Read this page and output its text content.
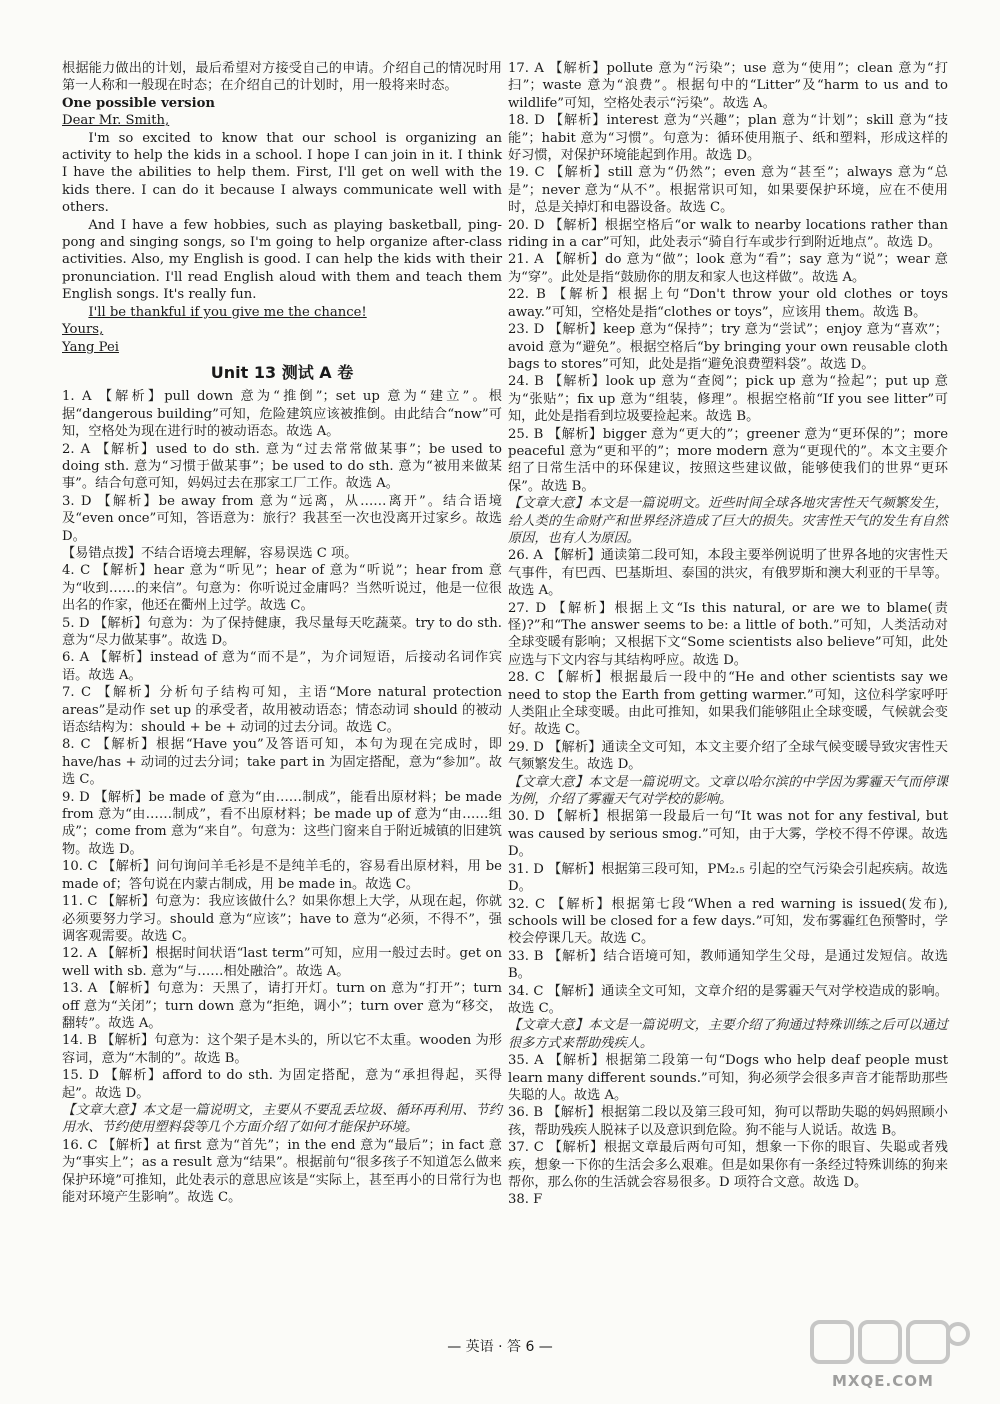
根据能力做出的计划，最后希望对方接受自己的申请。介绍自己的情况时用第一人称和一般现在时态；在介绍自己的计划时，用一般将来时态。

One possible version

Dear Mr. Smith,

I'm so excited to know that our school is organizing an activity to help the kids in a school. I hope I can join in it. I think I have the abilities to help them. First, I'll get on well with the kids there. I can do it because I always communicate well with others.

And I have a few hobbies, such as playing basketball, ping-pong and singing songs, so I'm going to help organize after-class activities. Also, my English is good. I can help the kids with their pronunciation. I'll read English aloud with them and teach them English songs. It's really fun.

I'll be thankful if you give me the chance!

Yours,

Yang Pei

Unit 13 测试 A 卷

1. A 【解析】pull down 意为“推倒”；set up 意为“建立”。根据“dangerous building”可知，危险建筑应该被推倒。由此结合“now”可知，空格处为现在进行时的被动语态。故选 A。

2. A 【解析】used to do sth. 意为“过去常常做某事”；be used to doing sth. 意为“习惯于做某事”；be used to do sth. 意为“被用来做某事”。结合句意可知，妈妈过去在那家工厂工作。故选 A。

3. D 【解析】be away from 意为“远离，从……离开”。结合语境及“even once”可知，答语意为：旅行？我甚至一次也没离开过家乡。故选 D。

【易错点拨】不结合语境去理解，容易误选 C 项。

4. C 【解析】hear 意为“听见”；hear of 意为“听说”；hear from 意为“收到……的来信”。句意为：你听说过金庸吗？当然听说过，他是一位很出名的作家，他还在衢州上过学。故选 C。

5. D 【解析】句意为：为了保持健康，我尽量每天吃蔬菜。try to do sth. 意为“尽力做某事”。故选 D。

6. A 【解析】instead of 意为“而不是”，为介词短语，后接动名词作宾语。故选 A。

7. C 【解析】分析句子结构可知，主语“More natural protection areas”是动作 set up 的承受者，故用被动语态；情态动词 should 的被动语态结构为：should + be + 动词的过去分词。故选 C。

8. C 【解析】根据“Have you”及答语可知，本句为现在完成时，即 have/has + 动词的过去分词；take part in 为固定搭配，意为“参加”。故选 C。

9. D 【解析】be made of 意为“由……制成”，能看出原材料；be made from 意为“由……制成”，看不出原材料；be made up of 意为“由……组成”；come from 意为“来自”。句意为：这些门窗来自于附近城镇的旧建筑物。故选 D。

10. C 【解析】问句询问羊毛衫是不是纯羊毛的，容易看出原材料，用 be made of；答句说在内蒙古制成，用 be made in。故选 C。

11. C 【解析】句意为：我应该做什么？如果你想上大学，从现在起，你就必须要努力学习。should 意为“应该”；have to 意为“必须，不得不”，强调客观需要。故选 C。

12. A 【解析】根据时间状语“last term”可知，应用一般过去时。get on well with sb. 意为“与……相处融洽”。故选 A。

13. A 【解析】句意为：天黑了，请打开灯。turn on 意为“打开”；turn off 意为“关闭”；turn down 意为“拒绝，调小”；turn over 意为“移交，翻转”。故选 A。

14. B 【解析】句意为：这个架子是木头的，所以它不太重。wooden 为形容词，意为“木制的”。故选 B。

15. D 【解析】afford to do sth. 为固定搭配，意为“承担得起，买得起”。故选 D。

【文章大意】本文是一篇说明文，主要从不要乱丢垃圾、循环再利用、节约用水、节约使用塑料袋等几个方面介绍了如何才能保护环境。

16. C 【解析】at first 意为“首先”；in the end 意为“最后”；in fact 意为“事实上”；as a result 意为“结果”。根据前句“很多孩子不知道怎么做来保护环境”可推知，此处表示的意思应该是“实际上，甚至再小的日常行为也能对环境产生影响”。故选 C。

17. A 【解析】pollute 意为“污染”；use 意为“使用”；clean 意为“打扫”；waste 意为“浪费”。根据句中的“Litter”及“harm to us and to wildlife”可知，空格处表示“污染”。故选 A。

18. D 【解析】interest 意为“兴趣”；plan 意为“计划”；skill 意为“技能”；habit 意为“习惯”。句意为：循环使用瓶子、纸和塑料，形成这样的好习惯，对保护环境能起到作用。故选 D。

19. C 【解析】still 意为“仍然”；even 意为“甚至”；always 意为“总是”；never 意为“从不”。根据常识可知，如果要保护环境，应在不使用时，总是关掉灯和电器设备。故选 C。

20. D 【解析】根据空格后“or walk to nearby locations rather than riding in a car”可知，此处表示“骑自行车或步行到附近地点”。故选 D。

21. A 【解析】do 意为“做”；look 意为“看”；say 意为“说”；wear 意为“穿”。此处是指“鼓励你的朋友和家人也这样做”。故选 A。

22. B 【解析】根据上句“Don't throw your old clothes or toys away.”可知，空格处是指“clothes or toys”，应该用 them。故选 B。

23. D 【解析】keep 意为“保持”；try 意为“尝试”；enjoy 意为“喜欢”；avoid 意为“避免”。根据空格后“by bringing your own reusable cloth bags to stores”可知，此处是指“避免浪费塑料袋”。故选 D。

24. B 【解析】look up 意为“查阅”；pick up 意为“捡起”；put up 意为“张贴”；fix up 意为“组装，修理”。根据空格前“If you see litter”可知，此处是指看到垃圾要捡起来。故选 B。

25. B 【解析】bigger 意为“更大的”；greener 意为“更环保的”；more peaceful 意为“更和平的”；more modern 意为“更现代的”。本文主要介绍了日常生活中的环保建议，按照这些建议做，能够使我们的世界“更环保”。故选 B。

【文章大意】本文是一篇说明文。近些时间全球各地灾害性天气频繁发生，给人类的生命财产和世界经济造成了巨大的损失。灾害性天气的发生有自然原因，也有人为原因。

26. A 【解析】通读第二段可知，本段主要举例说明了世界各地的灾害性天气事件，有巴西、巴基斯坦、泰国的洪灾，有俄罗斯和澳大利亚的干旱等。故选 A。

27. D 【解析】根据上文“Is this natural, or are we to blame(责怪)?”和“The answer seems to be: a little of both.”可知，人类活动对全球变暖有影响；又根据下文“Some scientists also believe”可知，此处应选与下文内容与其结构呼应。故选 D。

28. C 【解析】根据最后一段中的“He and other scientists say we need to stop the Earth from getting warmer.”可知，这位科学家呼吁人类阻止全球变暖。由此可推知，如果我们能够阻止全球变暖，气候就会变好。故选 C。

29. D 【解析】通读全文可知，本文主要介绍了全球气候变暖导致灾害性天气频繁发生。故选 D。

【文章大意】本文是一篇说明文。文章以哈尔滨的中学因为雾霾天气而停课为例，介绍了雾霾天气对学校的影响。

30. D 【解析】根据第一段最后一句“It was not for any festival, but was caused by serious smog.”可知，由于大雾，学校不得不停课。故选 D。

31. D 【解析】根据第三段可知，PM₂.₅ 引起的空气污染会引起疾病。故选 D。

32. C 【解析】根据第七段“When a red warning is issued(发布), schools will be closed for a few days.”可知，发布雾霾红色预警时，学校会停课几天。故选 C。

33. B 【解析】结合语境可知，教师通知学生父母，是通过发短信。故选 B。

34. C 【解析】通读全文可知，文章介绍的是雾霾天气对学校造成的影响。故选 C。

【文章大意】本文是一篇说明文，主要介绍了狗通过特殊训练之后可以通过很多方式来帮助残疾人。

35. A 【解析】根据第二段第一句“Dogs who help deaf people must learn many different sounds.”可知，狗必须学会很多声音才能帮助那些失聪的人。故选 A。

36. B 【解析】根据第二段以及第三段可知，狗可以帮助失聪的妈妈照顾小孩，帮助残疾人脱袜子以及意识到危险。狗不能与人说话。故选 B。

37. C 【解析】根据文章最后两句可知，想象一下你的眼盲、失聪或者残疾，想象一下你的生活会多么艰难。但是如果你有一条经过特殊训练的狗来帮你，那么你的生活就会容易很多。D 项符合文意。故选 D。

38. F

— 英语 · 答 6 —
MXQE.COM
